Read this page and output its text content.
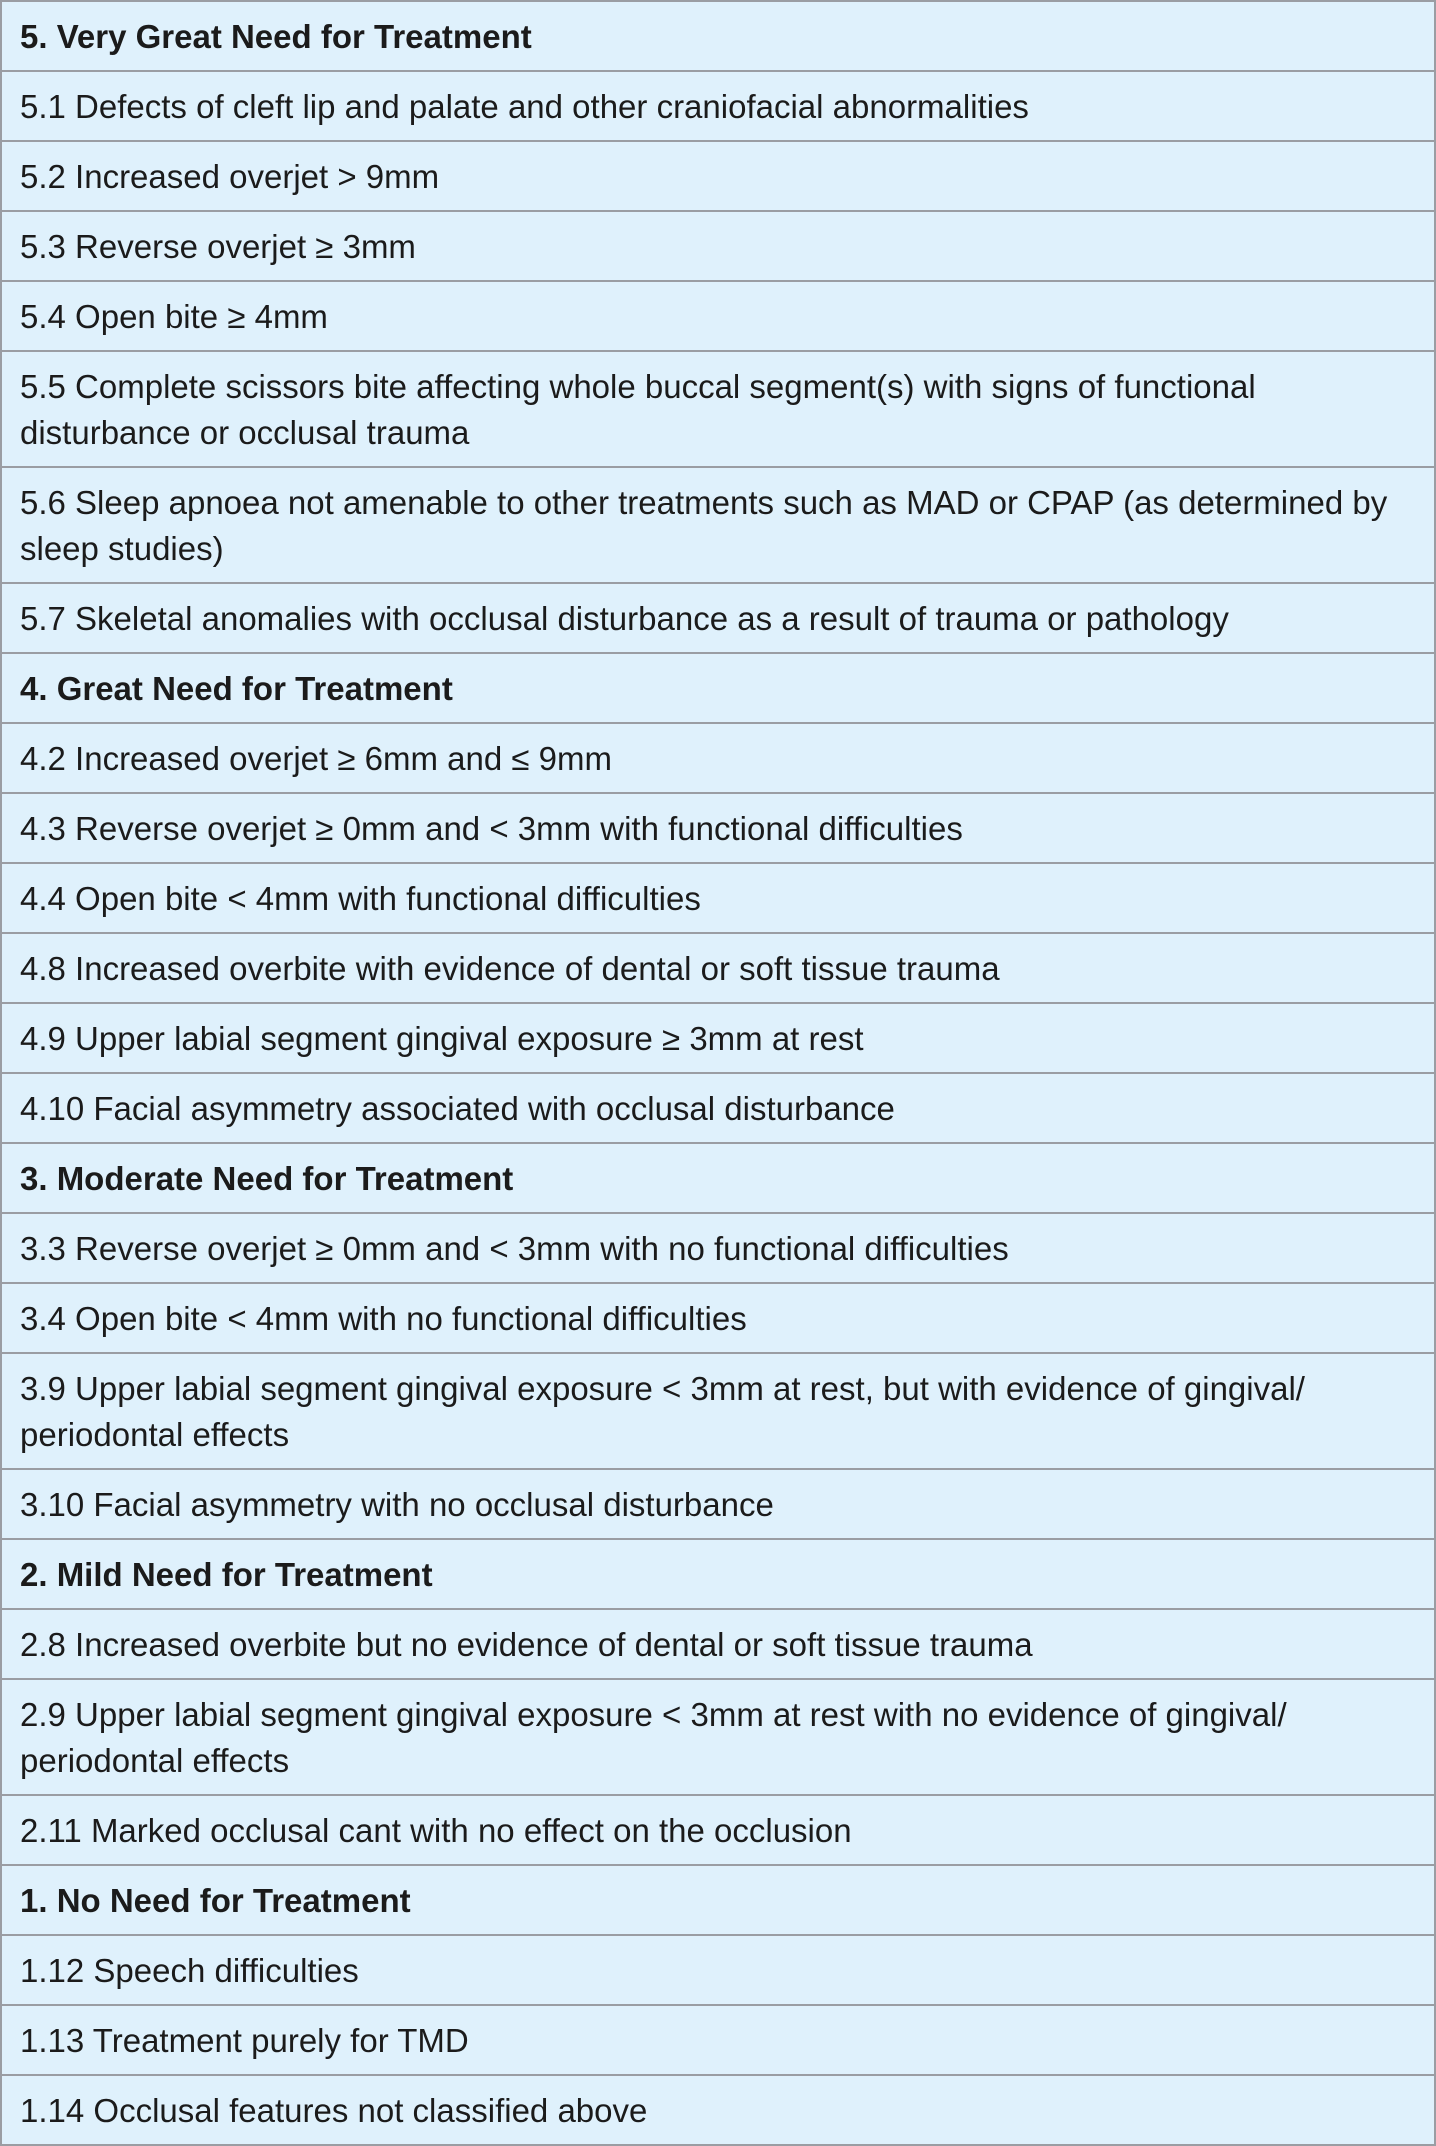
5. Very Great Need for Treatment
5.1 Defects of cleft lip and palate and other craniofacial abnormalities
5.2 Increased overjet > 9mm
5.3 Reverse overjet ≥ 3mm
5.4 Open bite ≥ 4mm
5.5 Complete scissors bite affecting whole buccal segment(s) with signs of functional disturbance or occlusal trauma
5.6 Sleep apnoea not amenable to other treatments such as MAD or CPAP (as determined by sleep studies)
5.7 Skeletal anomalies with occlusal disturbance as a result of trauma or pathology
4. Great Need for Treatment
4.2 Increased overjet ≥ 6mm and ≤ 9mm
4.3 Reverse overjet ≥ 0mm and < 3mm with functional difficulties
4.4 Open bite < 4mm with functional difficulties
4.8 Increased overbite with evidence of dental or soft tissue trauma
4.9 Upper labial segment gingival exposure ≥ 3mm at rest
4.10 Facial asymmetry associated with occlusal disturbance
3. Moderate Need for Treatment
3.3 Reverse overjet ≥ 0mm and < 3mm with no functional difficulties
3.4 Open bite < 4mm with no functional difficulties
3.9 Upper labial segment gingival exposure < 3mm at rest, but with evidence of gingival/ periodontal effects
3.10 Facial asymmetry with no occlusal disturbance
2. Mild Need for Treatment
2.8 Increased overbite but no evidence of dental or soft tissue trauma
2.9 Upper labial segment gingival exposure < 3mm at rest with no evidence of gingival/ periodontal effects
2.11 Marked occlusal cant with no effect on the occlusion
1. No Need for Treatment
1.12 Speech difficulties
1.13 Treatment purely for TMD
1.14 Occlusal features not classified above
